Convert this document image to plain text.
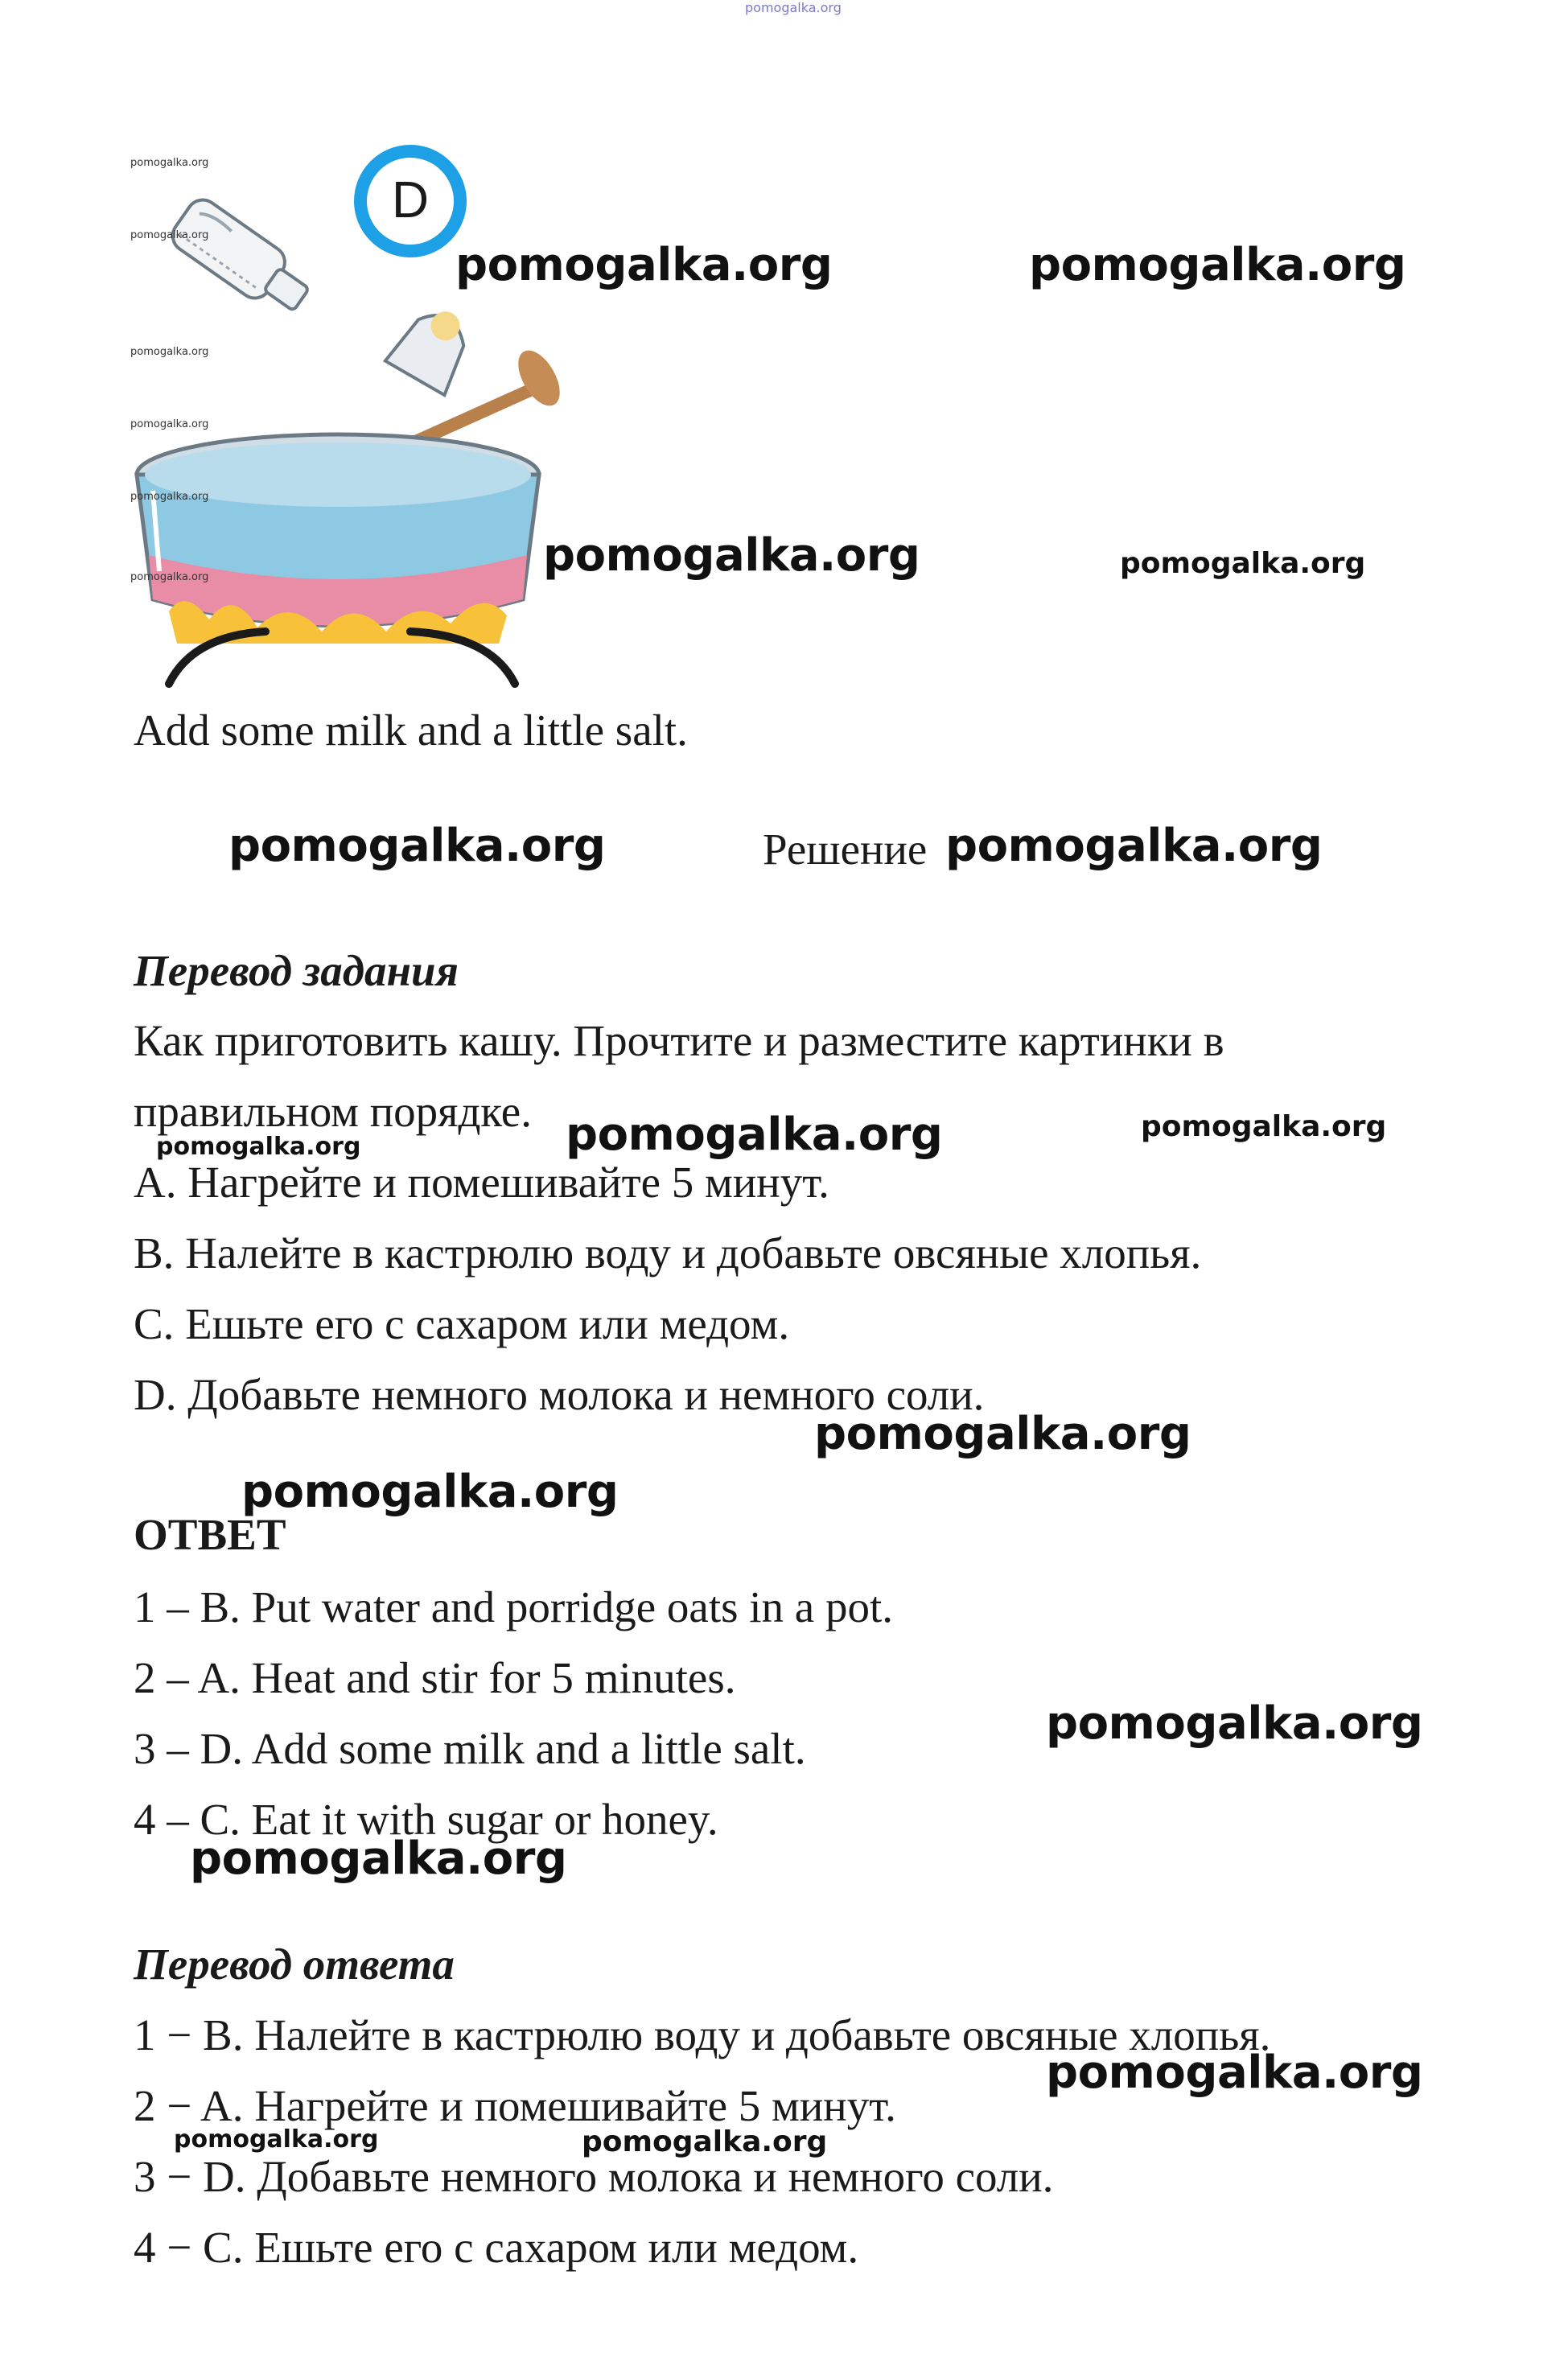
pomogalka.org
D
pomogalka.org
pomogalka.org
pomogalka.org
pomogalka.org
pomogalka.org
pomogalka.org
pomogalka.org	pomogalka.org
pomogalka.org	pomogalka.org
Add some milk and a little salt.
pomogalka.org	Решение pomogalka.org
Перевод задания
Как приготовить кашу. Прочтите и разместите картинки в
правильном порядке.
pomogalka.org	pomogalka.org	pomogalka.org
A. Нагрейте и помешивайте 5 минут.
B. Налейте в кастрюлю воду и добавьте овсяные хлопья.
C. Ешьте его с сахаром или медом.
D. Добавьте немного молока и немного соли.
pomogalka.org
pomogalka.org
ОТВЕТ
1 – B. Put water and porridge oats in a pot.
2 – A. Heat and stir for 5 minutes.
pomogalka.org
3 – D. Add some milk and a little salt.
4 – C. Eat it with sugar or honey.
pomogalka.org
Перевод ответа
1 − B. Налейте в кастрюлю воду и добавьте овсяные хлопья.
pomogalka.org
2 − A. Нагрейте и помешивайте 5 минут.
pomogalka.org	pomogalka.org
3 − D. Добавьте немного молока и немного соли.
4 − C. Ешьте его с сахаром или медом.
